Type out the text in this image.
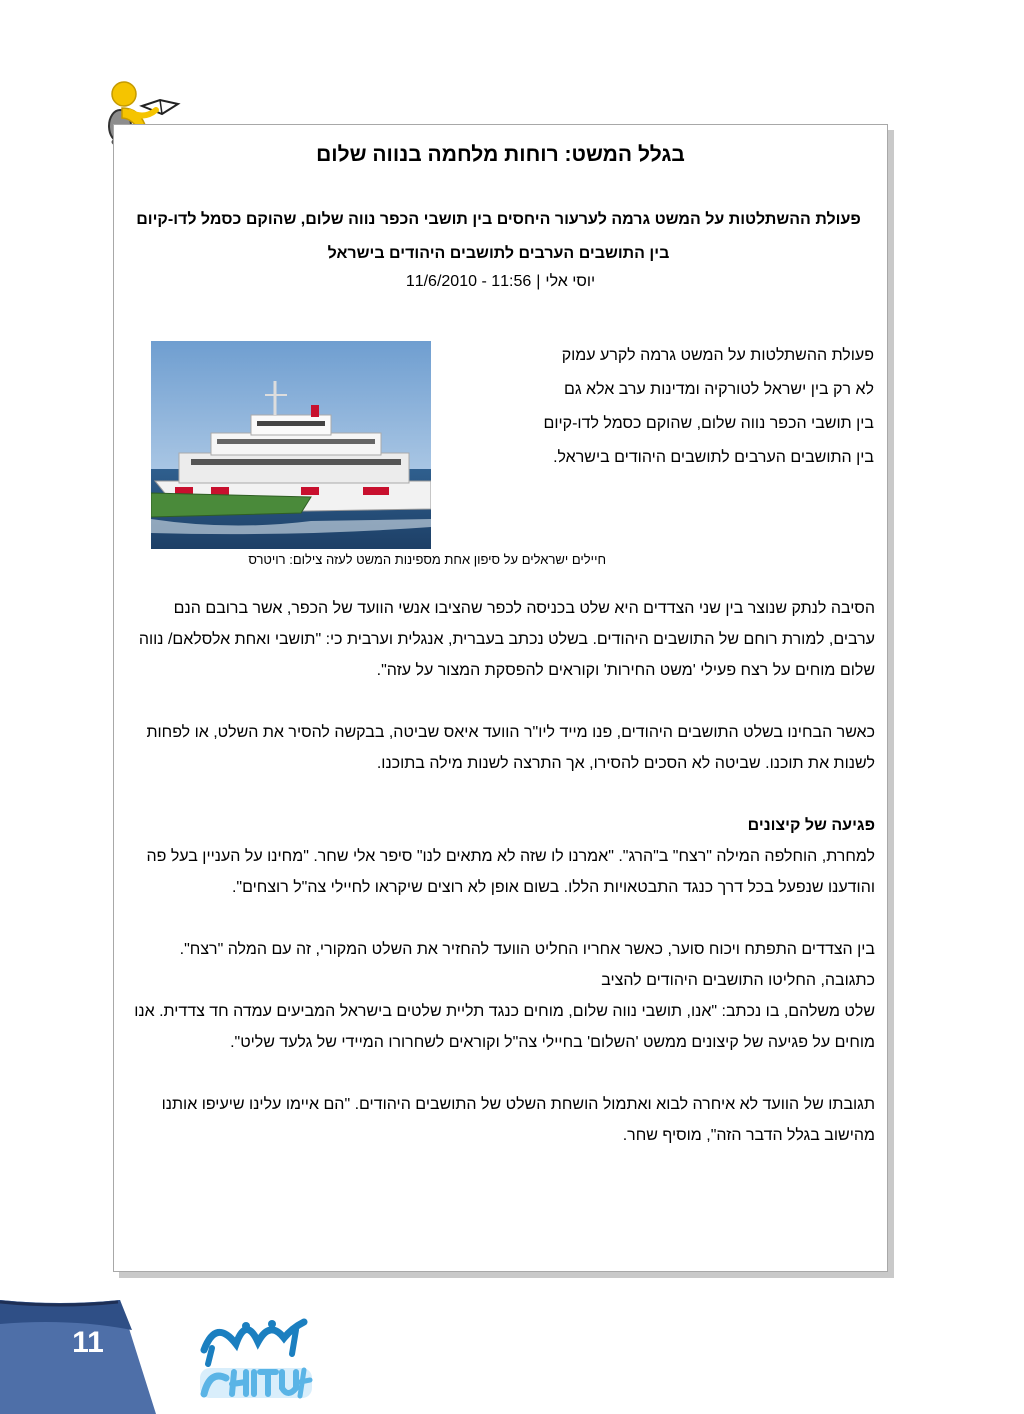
בגלל המשט: רוחות מלחמה בנווה שלום
פעולת ההשתלטות על המשט גרמה לערעור היחסים בין תושבי הכפר נווה שלום, שהוקם כסמל לדו-קיום בין התושבים הערבים לתושבים היהודים בישראל
יוסי אלי|11/6/2010 - 11:56
פעולת ההשתלטות על המשט גרמה לקרע עמוק
לא רק בין ישראל לטורקיה ומדינות ערב אלא גם
בין תושבי הכפר נווה שלום, שהוקם כסמל לדו-קיום
בין התושבים הערבים לתושבים היהודים בישראל.
חיילים ישראלים על סיפון אחת מספינות המשט לעזה צילום: רויטרס

הסיבה לנתק שנוצר בין שני הצדדים היא שלט בכניסה לכפר שהציבו אנשי הוועד של הכפר, אשר ברובם הנם ערבים, למורת רוחם של התושבים היהודים. בשלט נכתב בעברית, אנגלית וערבית כי: "תושבי ואחת אלסלאם/ נווה שלום מוחים על רצח פעילי 'משט החירות' וקוראים להפסקת המצור על עזה".

כאשר הבחינו בשלט התושבים היהודים, פנו מייד ליו"ר הוועד איאס שביטה, בבקשה להסיר את השלט, או לפחות לשנות את תוכנו. שביטה לא הסכים להסירו, אך התרצה לשנות מילה בתוכנו.

פגיעה של קיצונים

למחרת, הוחלפה המילה "רצח" ב"הרג". "אמרנו לו שזה לא מתאים לנו" סיפר אלי שחר. "מחינו על העניין בעל פה והודענו שנפעל בכל דרך כנגד התבטאויות הללו. בשום אופן לא רוצים שיקראו לחיילי צה"ל רוצחים".

בין הצדדים התפתח ויכוח סוער, כאשר אחריו החליט הוועד להחזיר את השלט המקורי, זה עם המלה "רצח". כתגובה, החליטו התושבים היהודים להציב

שלט משלהם, בו נכתב: "אנו, תושבי נווה שלום, מוחים כנגד תליית שלטים בישראל המביעים עמדה חד צדדית. אנו מוחים על פגיעה של קיצונים ממשט 'השלום' בחיילי צה"ל וקוראים לשחרורו המיידי של גלעד שליט".

תגובתו של הוועד לא איחרה לבוא ואתמול הושחת השלט של התושבים היהודים. "הם איימו עלינו שיעיפו אותנו מהישוב בגלל הדבר הזה", מוסיף שחר.

11
